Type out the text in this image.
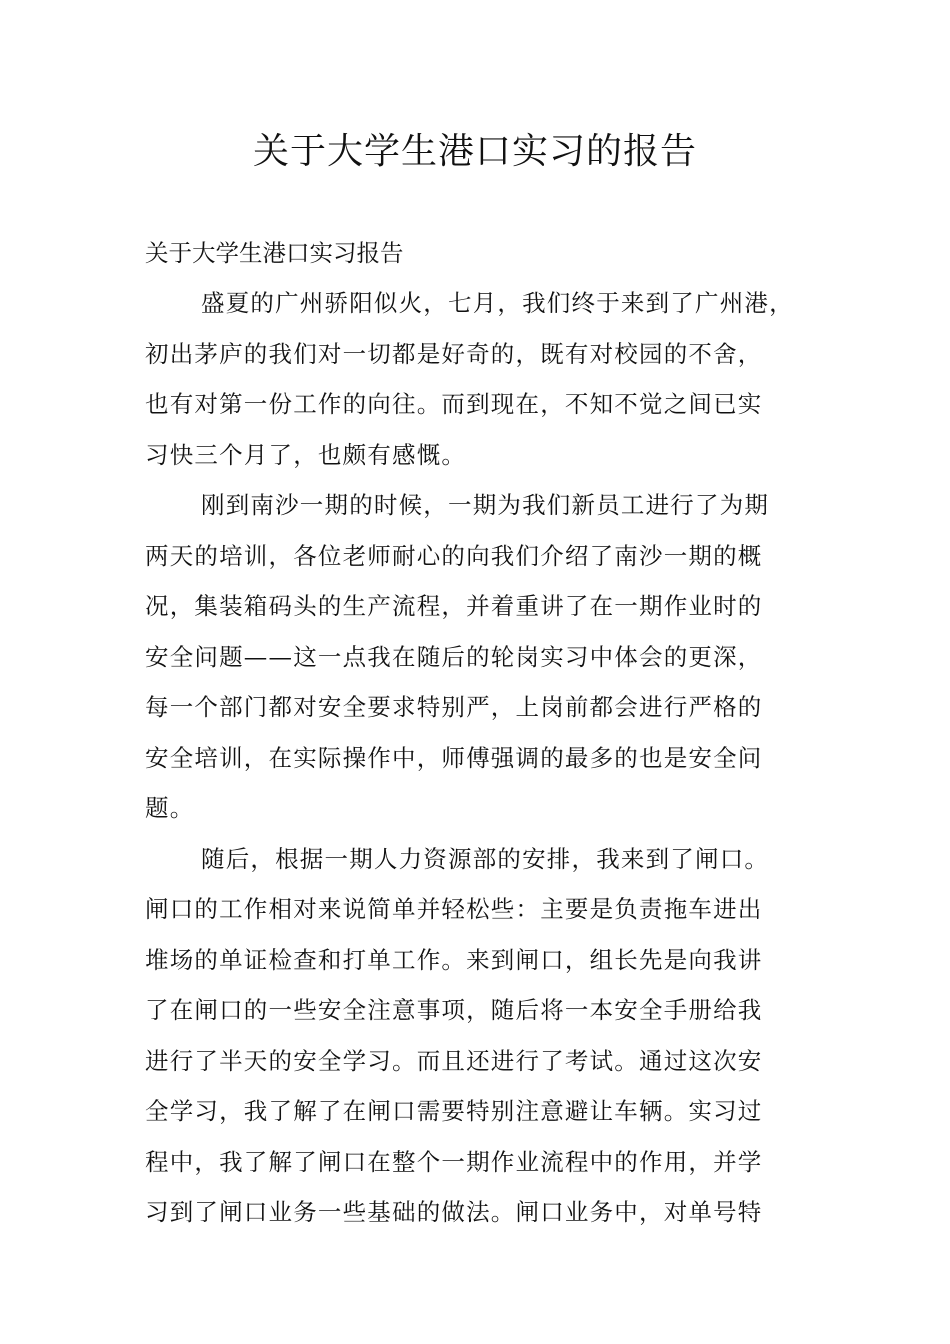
关于大学生港口实习的报告

关于大学生港口实习报告

盛夏的广州骄阳似火，七月，我们终于来到了广州港，
初出茅庐的我们对一切都是好奇的，既有对校园的不舍，
也有对第一份工作的向往。而到现在，不知不觉之间已实
习快三个月了，也颇有感慨。

刚到南沙一期的时候，一期为我们新员工进行了为期
两天的培训，各位老师耐心的向我们介绍了南沙一期的概
况，集装箱码头的生产流程，并着重讲了在一期作业时的
安全问题——这一点我在随后的轮岗实习中体会的更深，
每一个部门都对安全要求特别严，上岗前都会进行严格的
安全培训，在实际操作中，师傅强调的最多的也是安全问
题。

随后，根据一期人力资源部的安排，我来到了闸口。
闸口的工作相对来说简单并轻松些：主要是负责拖车进出
堆场的单证检查和打单工作。来到闸口，组长先是向我讲
了在闸口的一些安全注意事项，随后将一本安全手册给我
进行了半天的安全学习。而且还进行了考试。通过这次安
全学习，我了解了在闸口需要特别注意避让车辆。实习过
程中，我了解了闸口在整个一期作业流程中的作用，并学
习到了闸口业务一些基础的做法。闸口业务中，对单号特
